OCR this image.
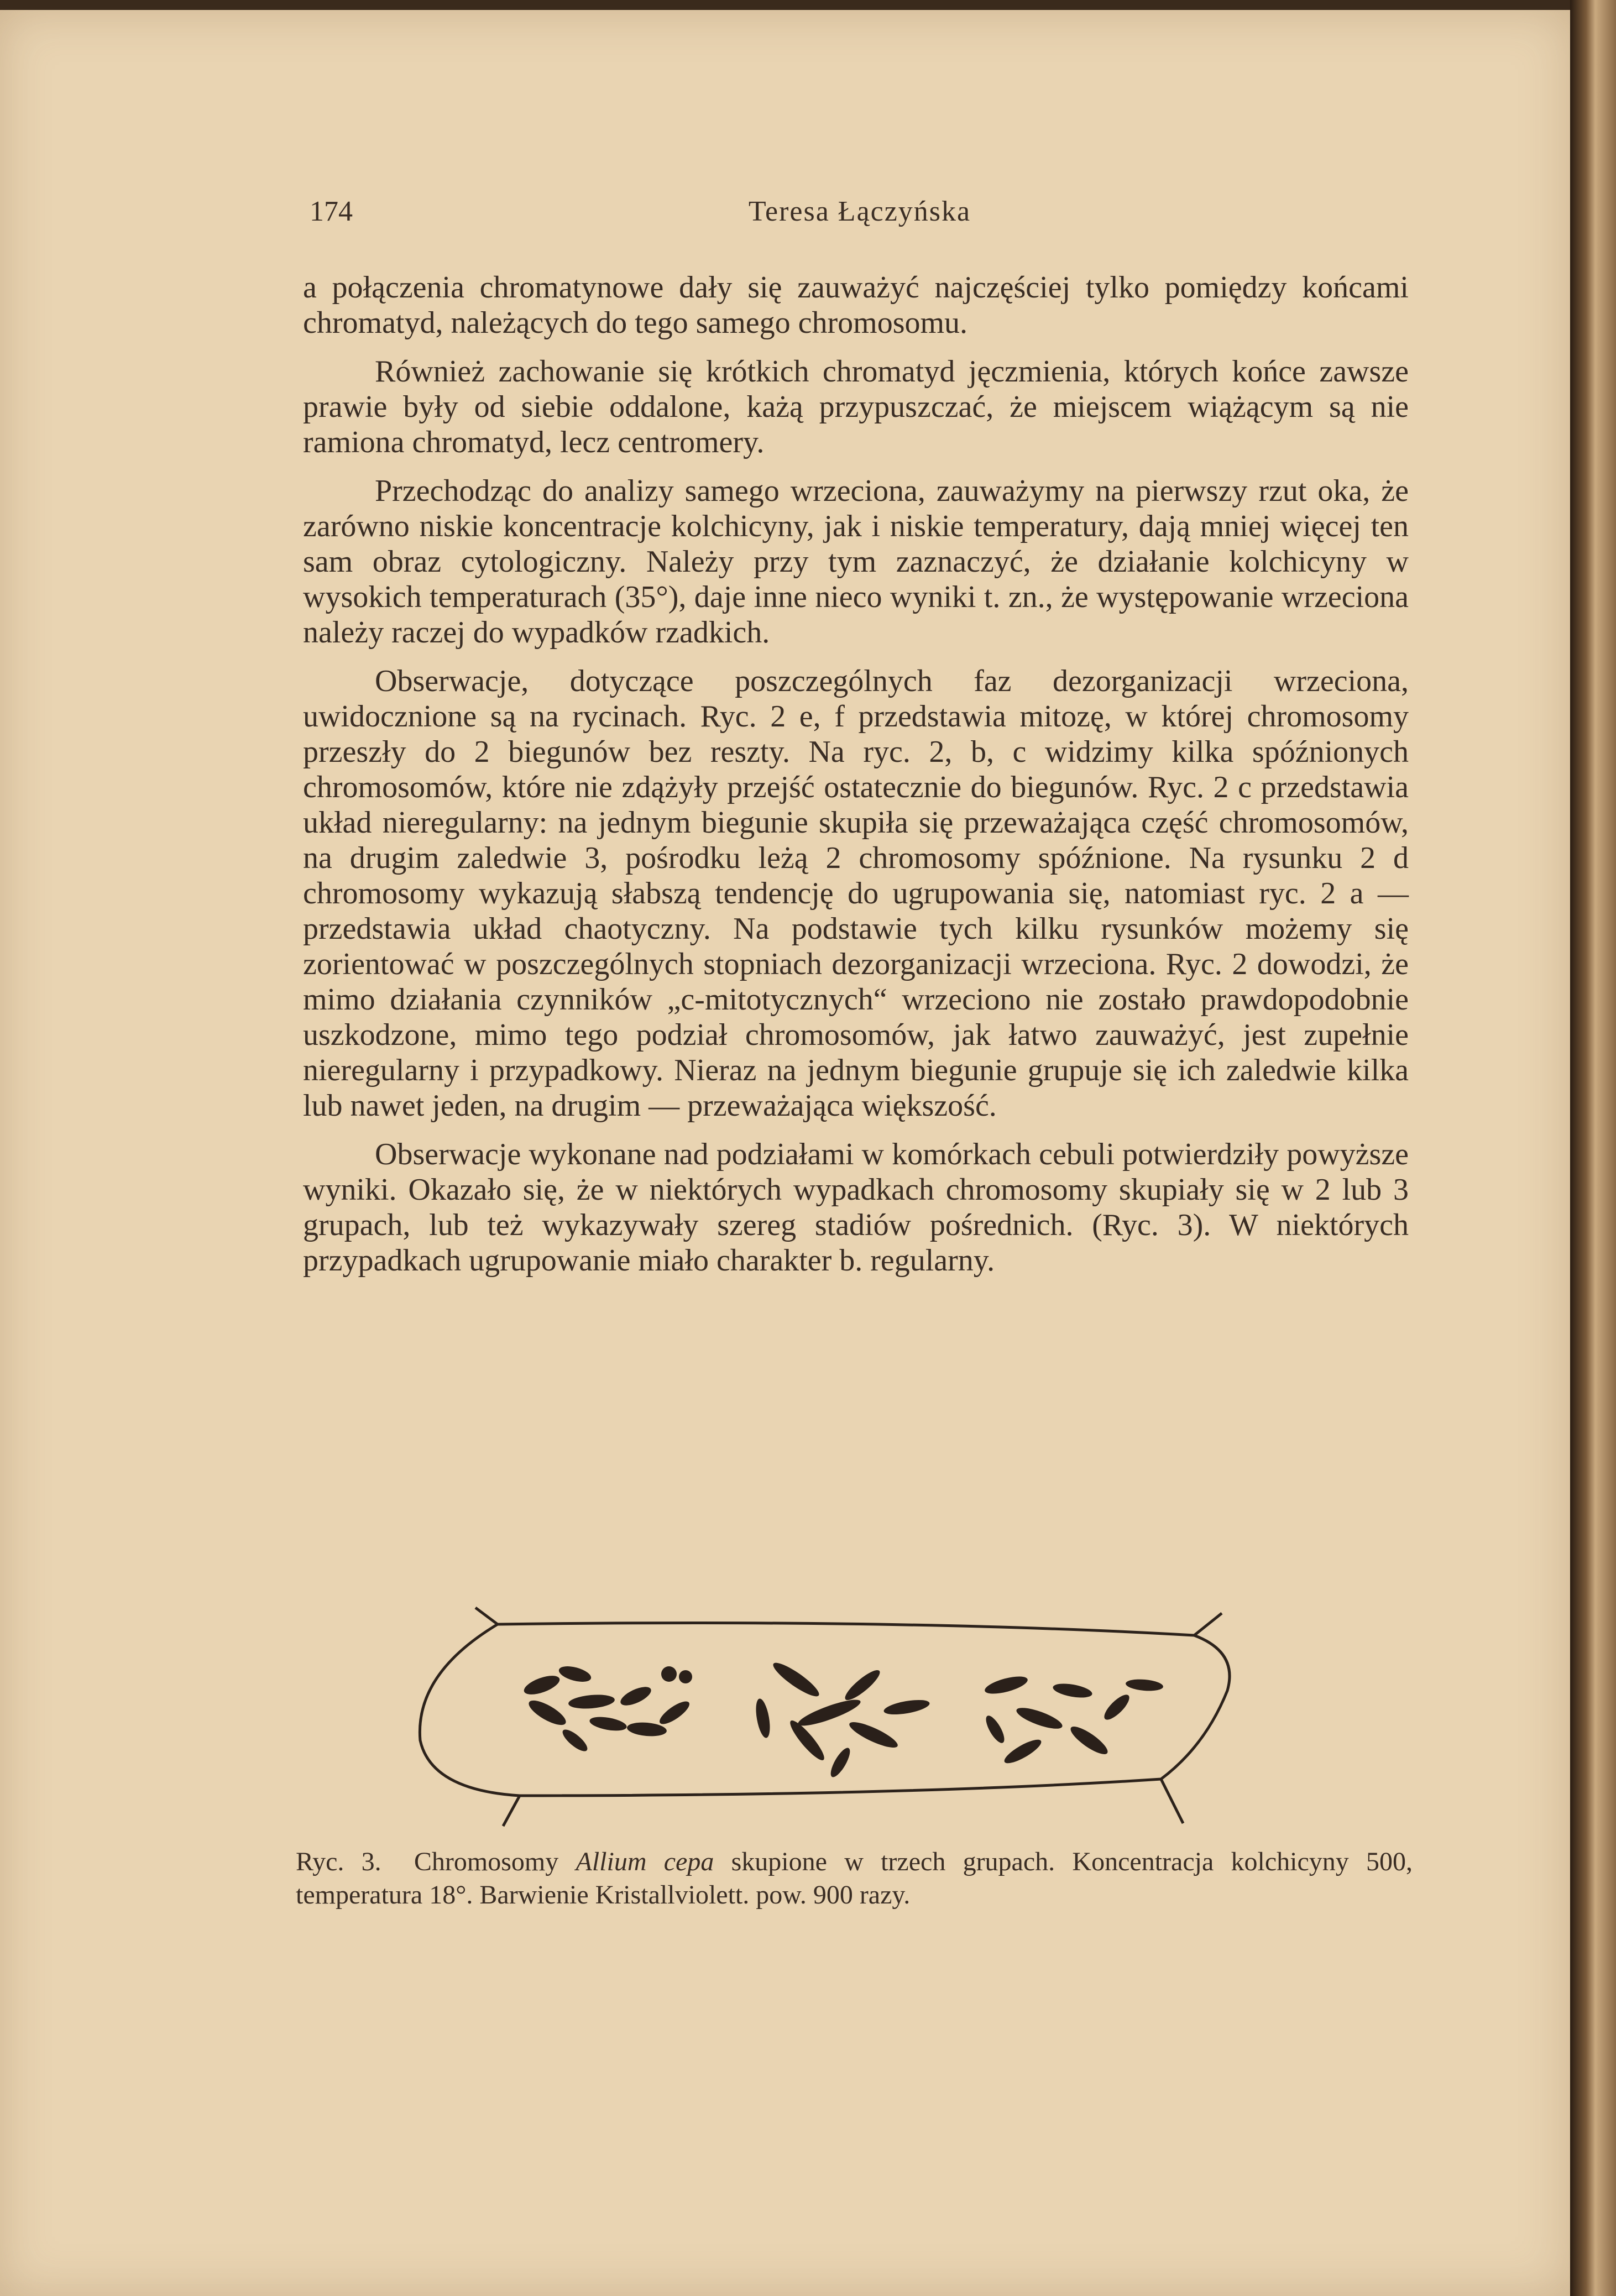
174	Teresa Łączyńska

a połączenia chromatynowe dały się zauważyć najczęściej tylko pomiędzy końcami chromatyd, należących do tego samego chromosomu.

Również zachowanie się krótkich chromatyd jęczmienia, których końce zawsze prawie były od siebie oddalone, każą przypuszczać, że miejscem wiążącym są nie ramiona chromatyd, lecz centromery.

Przechodząc do analizy samego wrzeciona, zauważymy na pierwszy rzut oka, że zarówno niskie koncentracje kolchicyny, jak i niskie temperatury, dają mniej więcej ten sam obraz cytologiczny. Należy przy tym zaznaczyć, że działanie kolchicyny w wysokich temperaturach (35°), daje inne nieco wyniki t. zn., że występowanie wrzeciona należy raczej do wypadków rzadkich.

Obserwacje, dotyczące poszczególnych faz dezorganizacji wrzeciona, uwidocznione są na rycinach. Ryc. 2 e, f przedstawia mitozę, w której chromosomy przeszły do 2 biegunów bez reszty. Na ryc. 2, b, c widzimy kilka spóźnionych chromosomów, które nie zdążyły przejść ostatecznie do biegunów. Ryc. 2 c przedstawia układ nieregularny: na jednym biegunie skupiła się przeważająca część chromosomów, na drugim zaledwie 3, pośrodku leżą 2 chromosomy spóźnione. Na rysunku 2 d chromosomy wykazują słabszą tendencję do ugrupowania się, natomiast ryc. 2 a — przedstawia układ chaotyczny. Na podstawie tych kilku rysunków możemy się zorientować w poszczególnych stopniach dezorganizacji wrzeciona. Ryc. 2 dowodzi, że mimo działania czynników „c-mitotycznych“ wrzeciono nie zostało prawdopodobnie uszkodzone, mimo tego podział chromosomów, jak łatwo zauważyć, jest zupełnie nieregularny i przypadkowy. Nieraz na jednym biegunie grupuje się ich zaledwie kilka lub nawet jeden, na drugim — przeważająca większość.

Obserwacje wykonane nad podziałami w komórkach cebuli potwierdziły powyższe wyniki. Okazało się, że w niektórych wypadkach chromosomy skupiały się w 2 lub 3 grupach, lub też wykazywały szereg stadiów pośrednich. (Ryc. 3). W niektórych przypadkach ugrupowanie miało charakter b. regularny.

Ryc. 3. Chromosomy Allium cepa skupione w trzech grupach. Koncentracja kolchicyny 500, temperatura 18°. Barwienie Kristallviolett. pow. 900 razy.
